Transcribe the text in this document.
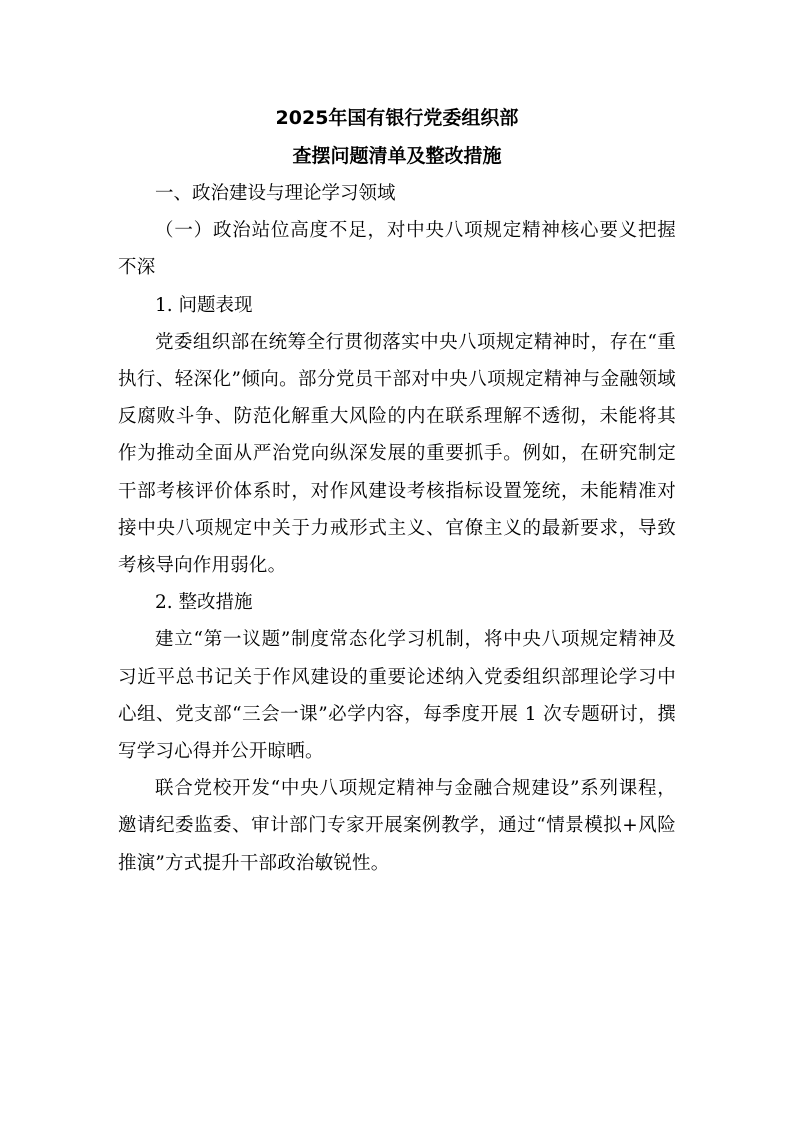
2025年国有银行党委组织部

查摆问题清单及整改措施

一、政治建设与理论学习领域

（一）政治站位高度不足，对中央八项规定精神核心要义把握不深

1. 问题表现

党委组织部在统筹全行贯彻落实中央八项规定精神时，存在“重执行、轻深化”倾向。部分党员干部对中央八项规定精神与金融领域反腐败斗争、防范化解重大风险的内在联系理解不透彻，未能将其作为推动全面从严治党向纵深发展的重要抓手。例如，在研究制定干部考核评价体系时，对作风建设考核指标设置笼统，未能精准对接中央八项规定中关于力戒形式主义、官僚主义的最新要求，导致考核导向作用弱化。

2. 整改措施

建立“第一议题”制度常态化学习机制，将中央八项规定精神及习近平总书记关于作风建设的重要论述纳入党委组织部理论学习中心组、党支部“三会一课”必学内容，每季度开展 1 次专题研讨，撰写学习心得并公开晾晒。

联合党校开发“中央八项规定精神与金融合规建设”系列课程，邀请纪委监委、审计部门专家开展案例教学，通过“情景模拟+风险推演”方式提升干部政治敏锐性。
